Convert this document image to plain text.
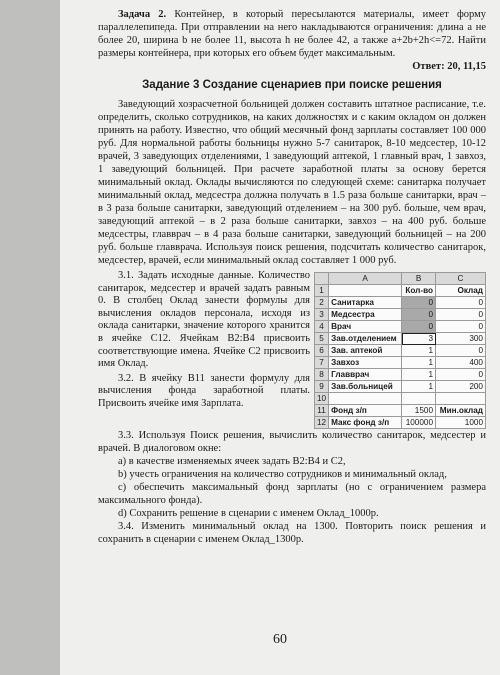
Задача 2. Контейнер, в который пересылаются материалы, имеет форму параллелепипеда. При отправлении на него накладываются ограничения: длина a не более 20, ширина b не более 11, высота h не более 42, а также a+2b+2h<=72. Найти размеры контейнера, при которых его объем будет максимальным.

Ответ: 20, 11,15
Задание 3 Создание сценариев при поиске решения

Заведующий хозрасчетной больницей должен составить штатное расписание, т.е. определить, сколько сотрудников, на каких должностях и с каким окладом он должен принять на работу. Известно, что общий месячный фонд зарплаты составляет 100 000 руб. Для нормальной работы больницы нужно 5-7 санитарок, 8-10 медсестер, 10-12 врачей, 3 заведующих отделениями, 1 заведующий аптекой, 1 главный врач, 1 завхоз, 1 заведующий больницей. При расчете заработной платы за основу берется минимальный оклад. Оклады вычисляются по следующей схеме: санитарка получает минимальный оклад, медсестра должна получать в 1.5 раза больше санитарки, врач – в 3 раза больше санитарки, заведующий отделением – на 300 руб. больше, чем врач, заведующий аптекой – в 2 раза больше санитарки, завхоз – на 400 руб. больше медсестры, главврач – в 4 раза больше санитарки, заведующий больницей – на 200 руб. больше главврача. Используя поиск решения, подсчитать количество санитарок, медсестер, врачей, если минимальный оклад составляет 1 000 руб.

	A	B	C
1		Кол-во	Оклад
2	Санитарка	0	0
3	Медсестра	0	0
4	Врач	0	0
5	Зав.отделением	3	300
6	Зав. аптекой	1	0
7	Завхоз	1	400
8	Главврач	1	0
9	Зав.больницей	1	200
10			
11	Фонд з/п	1500	Мин.оклад
12	Макс фонд з/п	100000	1000

3.1. Задать исходные данные. Количество санитарок, медсестер и врачей задать равным 0. В столбец Оклад занести формулы для вычисления окладов персонала, исходя из оклада санитарки, значение которого хранится в ячейке C12. Ячейкам B2:B4 присвоить соответствующие имена. Ячейке C2 присвоить имя Оклад.

3.2. В ячейку B11 занести формулу для вычисления фонда заработной платы. Присвоить ячейке имя Зарплата.

3.3. Используя Поиск решения, вычислить количество санитарок, медсестер и врачей. В диалоговом окне:

а) в качестве изменяемых ячеек задать B2:B4 и C2,

b) учесть ограничения на количество сотрудников и минимальный оклад,

с) обеспечить максимальный фонд зарплаты (но с ограничением размера максимального фонда).

d) Сохранить решение в сценарии с именем Оклад_1000р.

3.4. Изменить минимальный оклад на 1300. Повторить поиск решения и сохранить в сценарии с именем Оклад_1300р.

60
